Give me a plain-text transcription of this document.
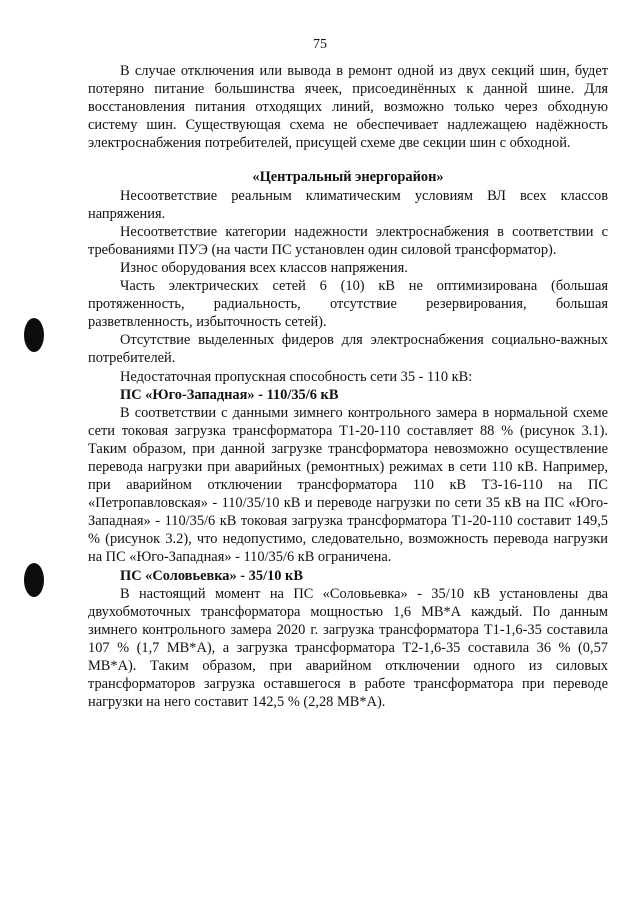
75

В случае отключения или вывода в ремонт одной из двух секций шин, будет потеряно питание большинства ячеек, присоединённых к данной шине. Для восстановления питания отходящих линий, возможно только через обходную систему шин. Существующая схема не обеспечивает надлежащею надёжность электроснабжения потребителей, присущей схеме две секции шин с обходной.

«Центральный энергорайон»

Несоответствие реальным климатическим условиям ВЛ всех классов напряжения.

Несоответствие категории надежности электроснабжения в соответствии с требованиями ПУЭ (на части ПС установлен один силовой трансформатор).

Износ оборудования всех классов напряжения.

Часть электрических сетей 6 (10) кВ не оптимизирована (большая протяженность, радиальность, отсутствие резервирования, большая разветвленность, избыточность сетей).

Отсутствие выделенных фидеров для электроснабжения социально-важных потребителей.

Недостаточная пропускная способность сети 35 - 110 кВ:

ПС «Юго-Западная» - 110/35/6 кВ

В соответствии с данными зимнего контрольного замера в нормальной схеме сети токовая загрузка трансформатора Т1-20-110 составляет 88 % (рисунок 3.1). Таким образом, при данной загрузке трансформатора невозможно осуществление перевода нагрузки при аварийных (ремонтных) режимах в сети 110 кВ. Например, при аварийном отключении трансформатора 110 кВ Т3-16-110 на ПС «Петропавловская» - 110/35/10 кВ и переводе нагрузки по сети 35 кВ на ПС «Юго-Западная» - 110/35/6 кВ токовая загрузка трансформатора Т1-20-110 составит 149,5 % (рисунок 3.2), что недопустимо, следовательно, возможность перевода нагрузки на ПС «Юго-Западная» - 110/35/6 кВ ограничена.

ПС «Соловьевка» - 35/10 кВ

В настоящий момент на ПС «Соловьевка» - 35/10 кВ установлены два двухобмоточных трансформатора мощностью 1,6 МВ*А каждый. По данным зимнего контрольного замера 2020 г. загрузка трансформатора Т1-1,6-35 составила 107 % (1,7 МВ*А), а загрузка трансформатора Т2-1,6-35 составила 36 % (0,57 МВ*А). Таким образом, при аварийном отключении одного из силовых трансформаторов загрузка оставшегося в работе трансформатора при переводе нагрузки на него составит 142,5 % (2,28 МВ*А).
